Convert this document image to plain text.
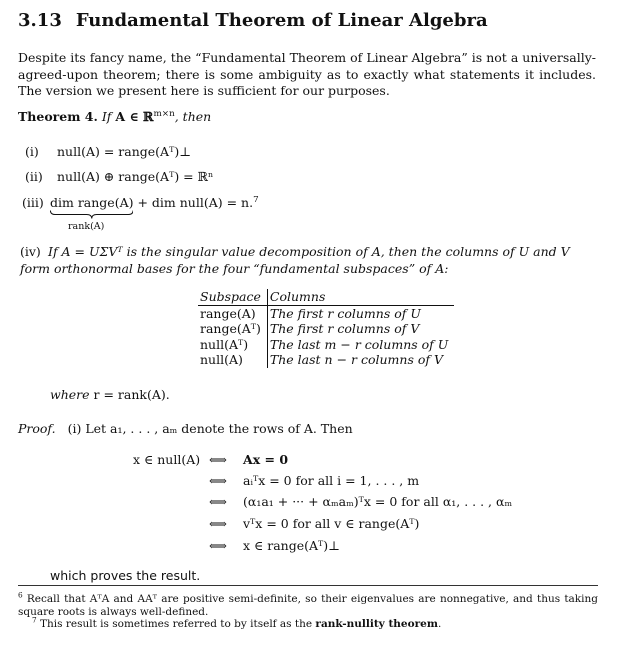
3.13 Fundamental Theorem of Linear Algebra

Despite its fancy name, the “Fundamental Theorem of Linear Algebra” is not a universally-agreed-upon theorem; there is some ambiguity as to exactly what statements it includes. The version we present here is sufficient for our purposes.

Theorem 4. If A ∈ ℝ$^{m\times n}$, then
(i) null(A) = range(Aᵀ)⊥
(ii) null(A) ⊕ range(Aᵀ) = ℝⁿ
(iii) dim range(A)
+ dim null(A) = n.$^7$
rank(A)
(iv) If A = UΣVᵀ is the singular value decomposition of A, then the columns of U and V form orthonormal bases for the four “fundamental subspaces” of A:
Subspace	Columns
range(A)	The first r columns of U
range(Aᵀ)	The first r columns of V
null(Aᵀ)	The last m − r columns of U
null(A)	The last n − r columns of V
where r = rank(A).
Proof. (i) Let a₁, . . . , aₘ denote the rows of A. Then
x ∈ null(A) ⟺ Ax = 0
⟺ aᵢᵀx = 0 for all i = 1, . . . , m
⟺ (α₁a₁ + ··· + αₘaₘ)ᵀx = 0 for all α₁, . . . , αₘ
⟺ vᵀx = 0 for all v ∈ range(Aᵀ)
⟺ x ∈ range(Aᵀ)⊥
which proves the result.
$^6$ Recall that AᵀA and AAᵀ are positive semi-definite, so their eigenvalues are nonnegative, and thus taking square roots is always well-defined.
$^7$ This result is sometimes referred to by itself as the rank-nullity theorem.
